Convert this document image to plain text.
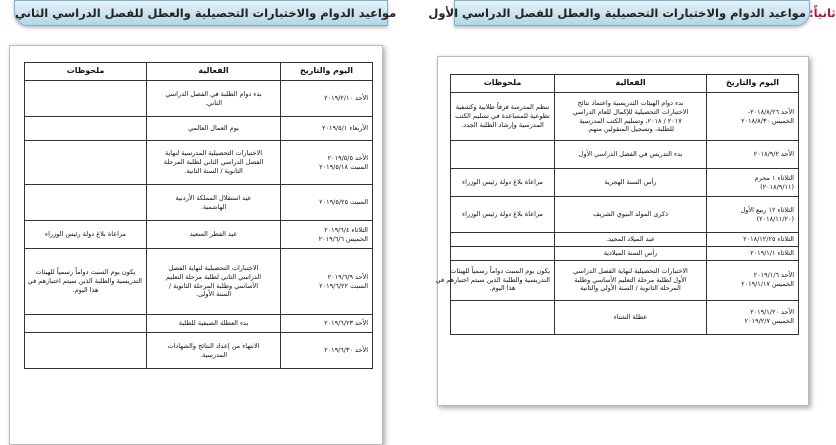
ثانياً:
مواعيد الدوام والاختبارات التحصيلية والعطل للفصل الدراسي الأول
مواعيد الدوام والاختبارات التحصيلية والعطل للفصل الدراسي الثاني
اليوم والتاريخ	الفعالية	ملحوظات

الأحد ٢٠١٨/٨/٢٦-
الخميس ٢٠١٨/٨/٣٠	بدء دوام الهيئات التدريسية واعتماد نتائج
الاختبارات التحصيلية للإكمال للعام الدراسي
٢٠١٧ / ٢٠١٨، وتسليم الكتب المدرسية
للطلبة، وتسجيل المنقولين منهم.	تنظم المدرسة فرقاً طلابية وكشفية
تطوعية للمساعدة في تسليم الكتب
المدرسية وإرشاد الطلبة الجدد.

الأحد ٢٠١٨/٩/٢	بدء التدريس في الفصل الدراسي الأول	

الثلاثاء ١ محرم
(٢٠١٨/٩/١١)	رأس السنة الهجرية	مراعاة بلاغ دولة رئيس الوزراء

الثلاثاء ١٢ ربيع الأول
(٢٠١٨/١١/٢٠)	ذكرى المولد النبوي الشريف	مراعاة بلاغ دولة رئيس الوزراء

الثلاثاء ٢٠١٨/١٢/٢٥	عيد الميلاد المجيد.	

الثلاثاء ٢٠١٩/١/١	رأس السنة الميلادية	

الأحد ٢٠١٩/١/٦
الخميس ٢٠١٩/١/١٧	الاختبارات التحصيلية لنهاية الفصل الدراسي
الأول لطلبة مرحلة التعليم الأساسي وطلبة
المرحلة الثانوية / السنة الأولى والثانية	يكون يوم السبت دواماً رسمياً للهيئات
التدريسية والطلبة الذين سيتم اختبارهم في
هذا اليوم.

الأحد ٢٠١٩/١/٢٠
الخميس ٢٠١٩/٢/٧	عطلة الشتاء	

اليوم والتاريخ	الفعالية	ملحوظات

الأحد ٢٠١٩/٢/١٠	بدء دوام الطلبة في الفصل الدراسي
الثاني.	

الأربعاء ٢٠١٩/٥/١	يوم العمال العالمي	

الأحد ٢٠١٩/٥/٥
السبت ٢٠١٩/٥/١٨	الاختبارات التحصيلية المدرسية لنهاية
الفصل الدراسي الثاني لطلبة المرحلة
الثانوية / السنة الثانية.	

السبت ٢٠١٩/٥/٢٥	عيد استقلال المملكة الأردنية
الهاشمية.	

الثلاثاء ٢٠١٩/٦/٤
الخميس ٢٠١٩/٦/٦	عيد الفطر السعيد	مراعاة بلاغ دولة رئيس الوزراء

الأحد ٢٠١٩/٦/٩
السبت ٢٠١٩/٦/٢٢	الاختبارات التحصيلية لنهاية الفصل
الدراسي الثاني لطلبة مرحلة التعليم
الأساسي وطلبة المرحلة الثانوية /
السنة الأولى.	يكون يوم السبت دواماً رسمياً للهيئات
التدريسية والطلبة الذين سيتم اختبارهم في
هذا اليوم.

الأحد ٢٠١٩/٦/٢٣	بدء العطلة الصيفية للطلبة	

الأحد ٢٠١٩/٦/٣٠	الانتهاء من إعداد النتائج والشهادات
المدرسية.	
